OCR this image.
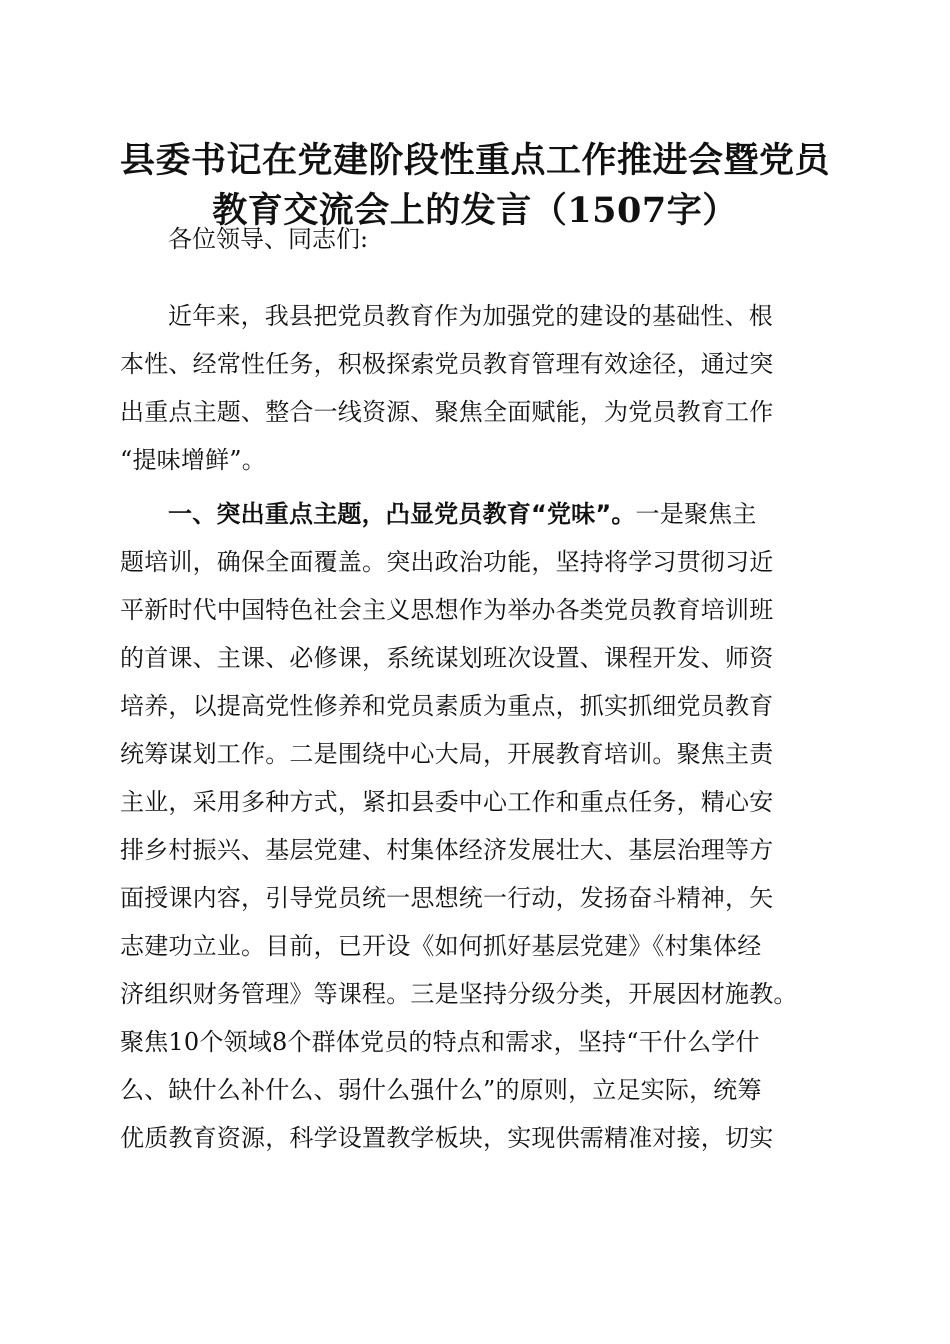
县委书记在党建阶段性重点工作推进会暨党员
教育交流会上的发言（1507字）

各位领导、同志们:

近年来，我县把党员教育作为加强党的建设的基础性、根
本性、经常性任务，积极探索党员教育管理有效途径，通过突
出重点主题、整合一线资源、聚焦全面赋能，为党员教育工作
“提味增鲜”。

一、突出重点主题，凸显党员教育“党味”。一是聚焦主
题培训，确保全面覆盖。突出政治功能，坚持将学习贯彻习近
平新时代中国特色社会主义思想作为举办各类党员教育培训班
的首课、主课、必修课，系统谋划班次设置、课程开发、师资
培养，以提高党性修养和党员素质为重点，抓实抓细党员教育
统筹谋划工作。二是围绕中心大局，开展教育培训。聚焦主责
主业，采用多种方式，紧扣县委中心工作和重点任务，精心安
排乡村振兴、基层党建、村集体经济发展壮大、基层治理等方
面授课内容，引导党员统一思想统一行动，发扬奋斗精神，矢
志建功立业。目前，已开设《如何抓好基层党建》《村集体经
济组织财务管理》等课程。三是坚持分级分类，开展因材施教。
聚焦10个领域8个群体党员的特点和需求，坚持“干什么学什
么、缺什么补什么、弱什么强什么”的原则，立足实际，统筹
优质教育资源，科学设置教学板块，实现供需精准对接，切实
